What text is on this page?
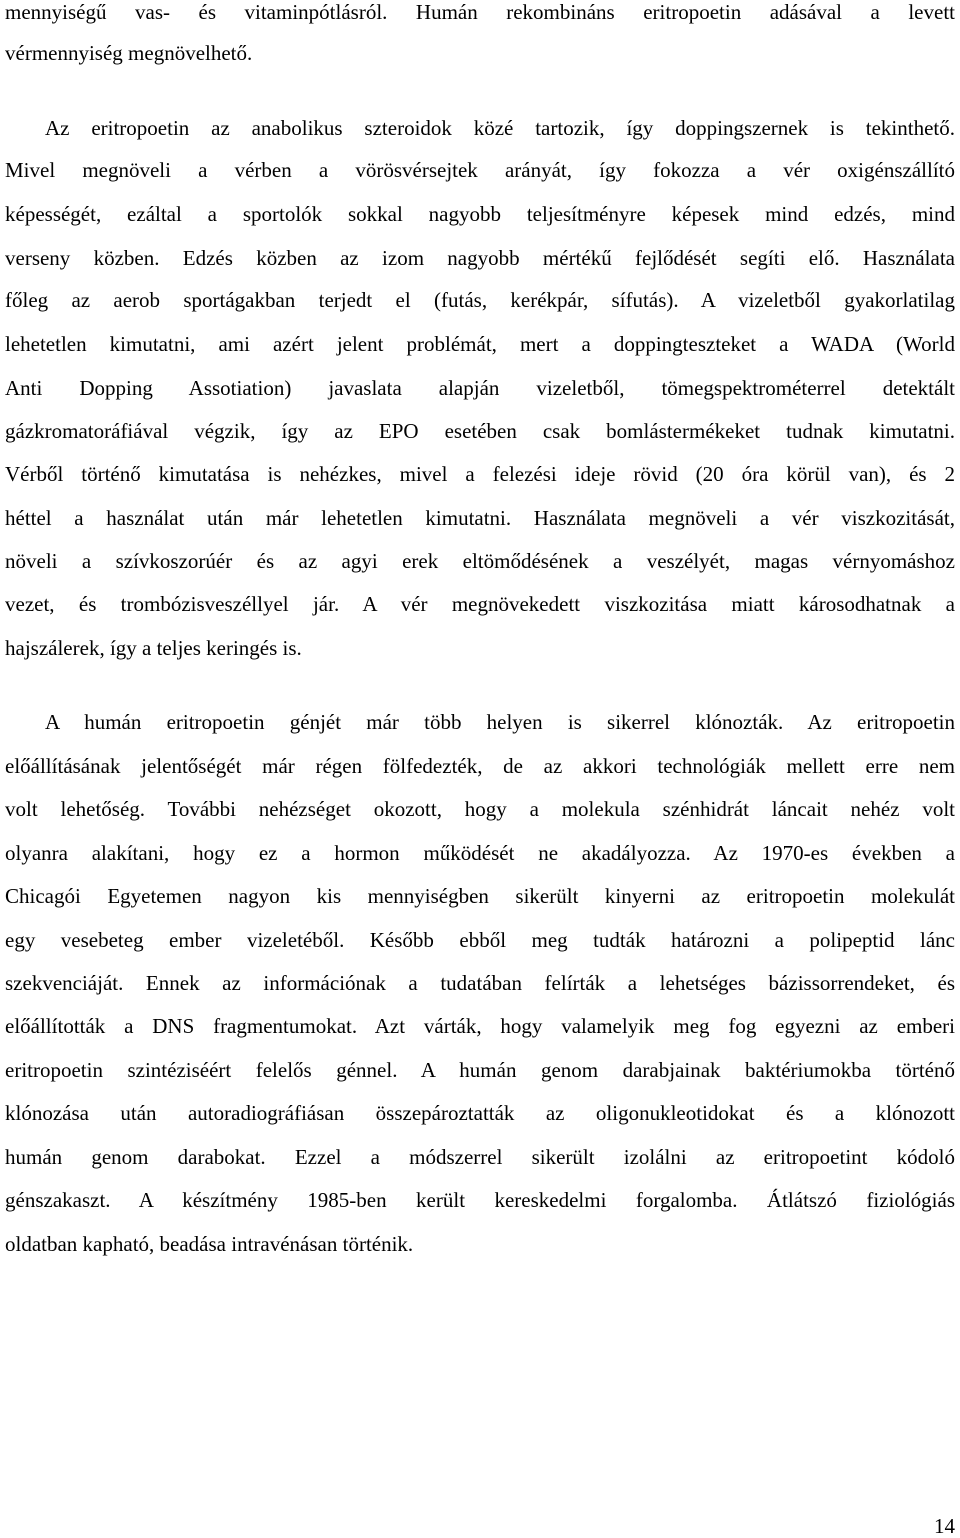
mennyiségű vas- és vitaminpótlásról. Humán rekombináns eritropoetin adásával a levett
vérmennyiség megnövelhető.
Az eritropoetin az anabolikus szteroidok közé tartozik, így doppingszernek is tekinthető.
Mivel megnöveli a vérben a vörösvérsejtek arányát, így fokozza a vér oxigénszállító
képességét, ezáltal a sportolók sokkal nagyobb teljesítményre képesek mind edzés, mind
verseny közben. Edzés közben az izom nagyobb mértékű fejlődését segíti elő. Használata
főleg az aerob sportágakban terjedt el (futás, kerékpár, sífutás). A vizeletből gyakorlatilag
lehetetlen kimutatni, ami azért jelent problémát, mert a doppingteszteket a WADA (World
Anti Dopping Assotiation) javaslata alapján vizeletből, tömegspektrométerrel detektált
gázkromatoráfiával végzik, így az EPO esetében csak bomlástermékeket tudnak kimutatni.
Vérből történő kimutatása is nehézkes, mivel a felezési ideje rövid (20 óra körül van), és 2
héttel a használat után már lehetetlen kimutatni. Használata megnöveli a vér viszkozitását,
növeli a szívkoszorúér és az agyi erek eltömődésének a veszélyét, magas vérnyomáshoz
vezet, és trombózisveszéllyel jár. A vér megnövekedett viszkozitása miatt károsodhatnak a
hajszálerek, így a teljes keringés is.
A humán eritropoetin génjét már több helyen is sikerrel klónozták. Az eritropoetin
előállításának jelentőségét már régen fölfedezték, de az akkori technológiák mellett erre nem
volt lehetőség. További nehézséget okozott, hogy a molekula szénhidrát láncait nehéz volt
olyanra alakítani, hogy ez a hormon működését ne akadályozza. Az 1970-es években a
Chicagói Egyetemen nagyon kis mennyiségben sikerült kinyerni az eritropoetin molekulát
egy vesebeteg ember vizeletéből. Később ebből meg tudták határozni a polipeptid lánc
szekvenciáját. Ennek az információnak a tudatában felírták a lehetséges bázissorrendeket, és
előállították a DNS fragmentumokat. Azt várták, hogy valamelyik meg fog egyezni az emberi
eritropoetin szintéziséért felelős génnel. A humán genom darabjainak baktériumokba történő
klónozása után autoradiográfiásan összepároztatták az oligonukleotidokat és a klónozott
humán genom darabokat. Ezzel a módszerrel sikerült izolálni az eritropoetint kódoló
génszakaszt. A készítmény 1985-ben került kereskedelmi forgalomba. Átlátszó fiziológiás
oldatban kapható, beadása intravénásan történik.
14
